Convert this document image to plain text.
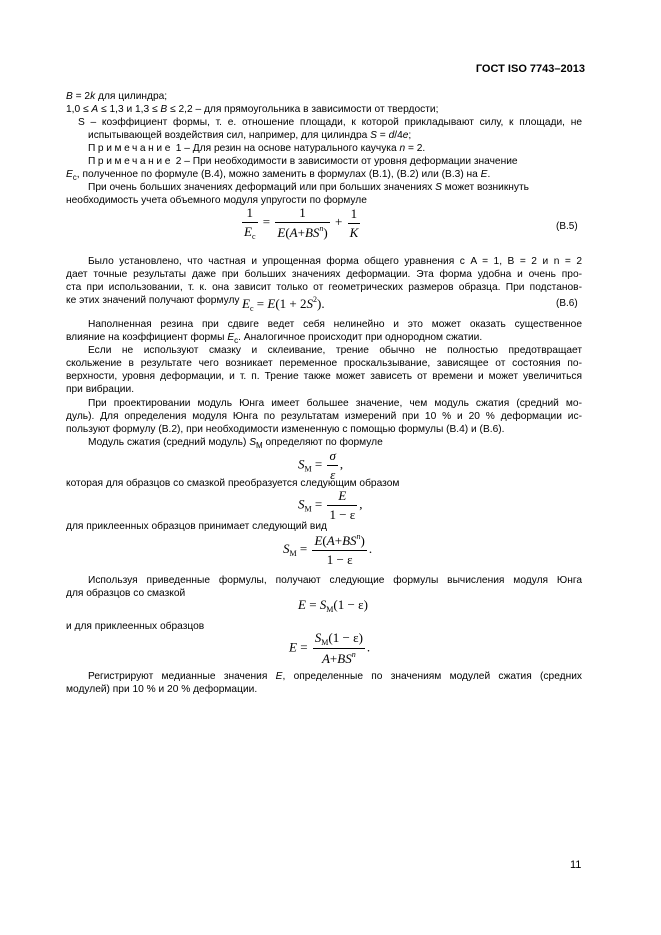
ГОСТ ISO 7743–2013
B = 2k для цилиндра;
1,0 ≤ A ≤ 1,3 и 1,3 ≤ B ≤ 2,2 – для прямоугольника в зависимости от твердости;
S – коэффициент формы, т. е. отношение площади, к которой прикладывают силу, к площади, не
испытывающей воздействия сил, например, для цилиндра S = d/4e;
Примечание 1 – Для резин на основе натурального каучука n = 2.
Примечание 2 – При необходимости в зависимости от уровня деформации значение
$E_c$, полученное по формуле (В.4), можно заменить в формулах (В.1), (В.2) или (В.3) на E.
При очень больших значениях деформаций или при больших значениях S может возникнуть
необходимость учета объемного модуля упругости по формуле
$\frac{1}{E_c} = \frac{1}{E(A+BS^n)} + \frac{1}{K}$	(В.5)
Было установлено, что частная и упрощенная форма общего уравнения с A = 1, B = 2 и n = 2
дает точные результаты даже при больших значениях деформации. Эта форма удобна и очень про-
ста при использовании, т. к. она зависит только от геометрических размеров образца. При подстанов-
ке этих значений получают формулу $E_c = E(1 + 2S^2)$.	(В.6)
Наполненная резина при сдвиге ведет себя нелинейно и это может оказать существенное
влияние на коэффициент формы $E_c$. Аналогичное происходит при однородном сжатии.
Если не используют смазку и склеивание, трение обычно не полностью предотвращает
скольжение в результате чего возникает переменное проскальзывание, зависящее от состояния по-
верхности, уровня деформации, и т. п. Трение также может зависеть от времени и может увеличиться
при вибрации.
При проектировании модуль Юнга имеет большее значение, чем модуль сжатия (средний мо-
дуль). Для определения модуля Юнга по результатам измерений при 10 % и 20 % деформации ис-
пользуют формулу (В.2), при необходимости измененную с помощью формулы (В.4) и (В.6).
Модуль сжатия (средний модуль) $S_M$ определяют по формуле
$S_M = \frac{\sigma}{\varepsilon}$ ,
которая для образцов со смазкой преобразуется следующим образом
$S_M = \frac{E}{1 - \varepsilon}$ ,
для приклеенных образцов принимает следующий вид
$S_M = \frac{E(A+BS^n)}{1 - \varepsilon}$ .
Используя приведенные формулы, получают следующие формулы вычисления модуля Юнга
для образцов со смазкой
$E = S_M(1 - \varepsilon)$
и для приклеенных образцов
$E = \frac{S_M(1 - \varepsilon)}{A+BS^n}$ .
Регистрируют медианные значения E, определенные по значениям модулей сжатия (средних
модулей) при 10 % и 20 % деформации.
11
